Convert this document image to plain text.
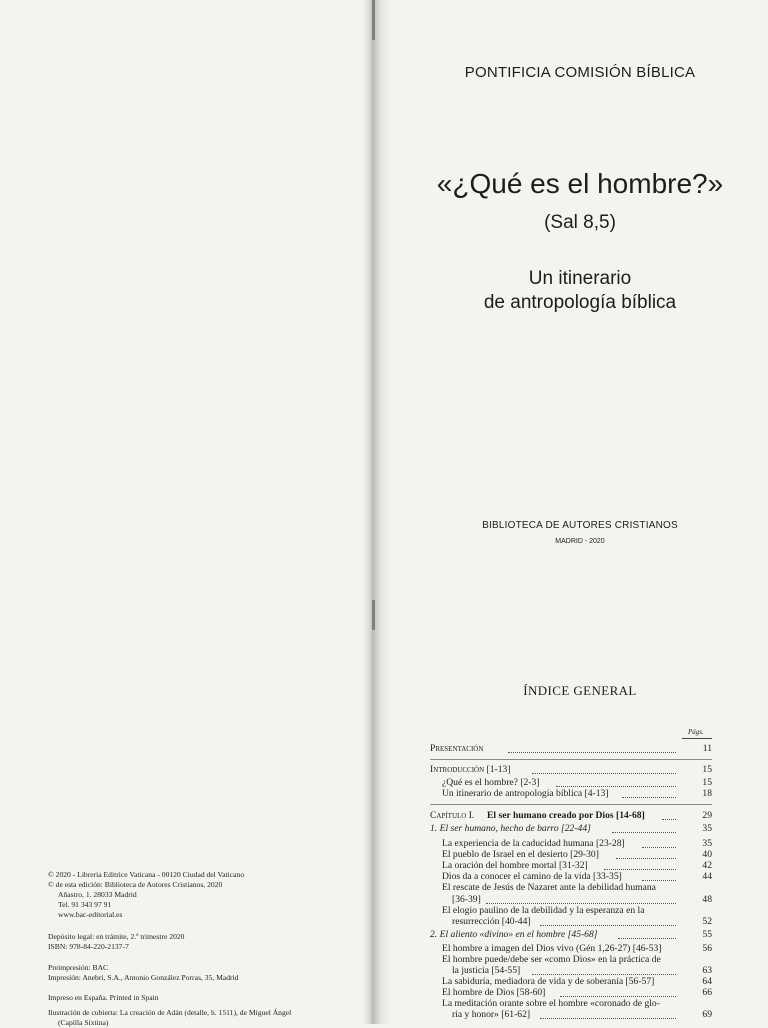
PONTIFICIA COMISIÓN BÍBLICA
«¿Qué es el hombre?»
(Sal 8,5)
Un itinerario
de antropología bíblica
BIBLIOTECA DE AUTORES CRISTIANOS
MADRID - 2020
© 2020 - Libreria Editrice Vaticana - 00120 Ciudad del Vaticano
© de esta edición: Biblioteca de Autores Cristianos, 2020
Añastro, 1. 28033 Madrid
Tel. 91 343 97 91
www.bac-editorial.es
Depósito legal: en trámite, 2.º trimestre 2020
ISBN: 978-84-220-2137-7
Preimpresión: BAC
Impresión: Anebri, S.A., Antonio González Porras, 35, Madrid
Impreso en España. Printed in Spain
Ilustración de cubierta: La creación de Adán (detalle, h. 1511), de Miguel Ángel
(Capilla Sixtina)
ÍNDICE GENERAL
Págs.
Presentación	11
Introducción [1-13]	15
¿Qué es el hombre? [2-3]	15
Un itinerario de antropología bíblica [4-13]	18
Capítulo I. El ser humano creado por Dios [14-68]	29
1. El ser humano, hecho de barro [22-44]	35
La experiencia de la caducidad humana [23-28]	35
El pueblo de Israel en el desierto [29-30]	40
La oración del hombre mortal [31-32]	42
Dios da a conocer el camino de la vida [33-35]	44
El rescate de Jesús de Nazaret ante la debilidad humana
[36-39]	48
El elogio paulino de la debilidad y la esperanza en la
resurrección [40-44]	52
2. El aliento «divino» en el hombre [45-68]	55
El hombre a imagen del Dios vivo (Gén 1,26-27) [46-53]	56
El hombre puede/debe ser «como Dios» en la práctica de
la justicia [54-55]	63
La sabiduría, mediadora de vida y de soberanía [56-57]	64
El hombre de Dios [58-60]	66
La meditación orante sobre el hombre «coronado de glo-
ria y honor» [61-62]	69
